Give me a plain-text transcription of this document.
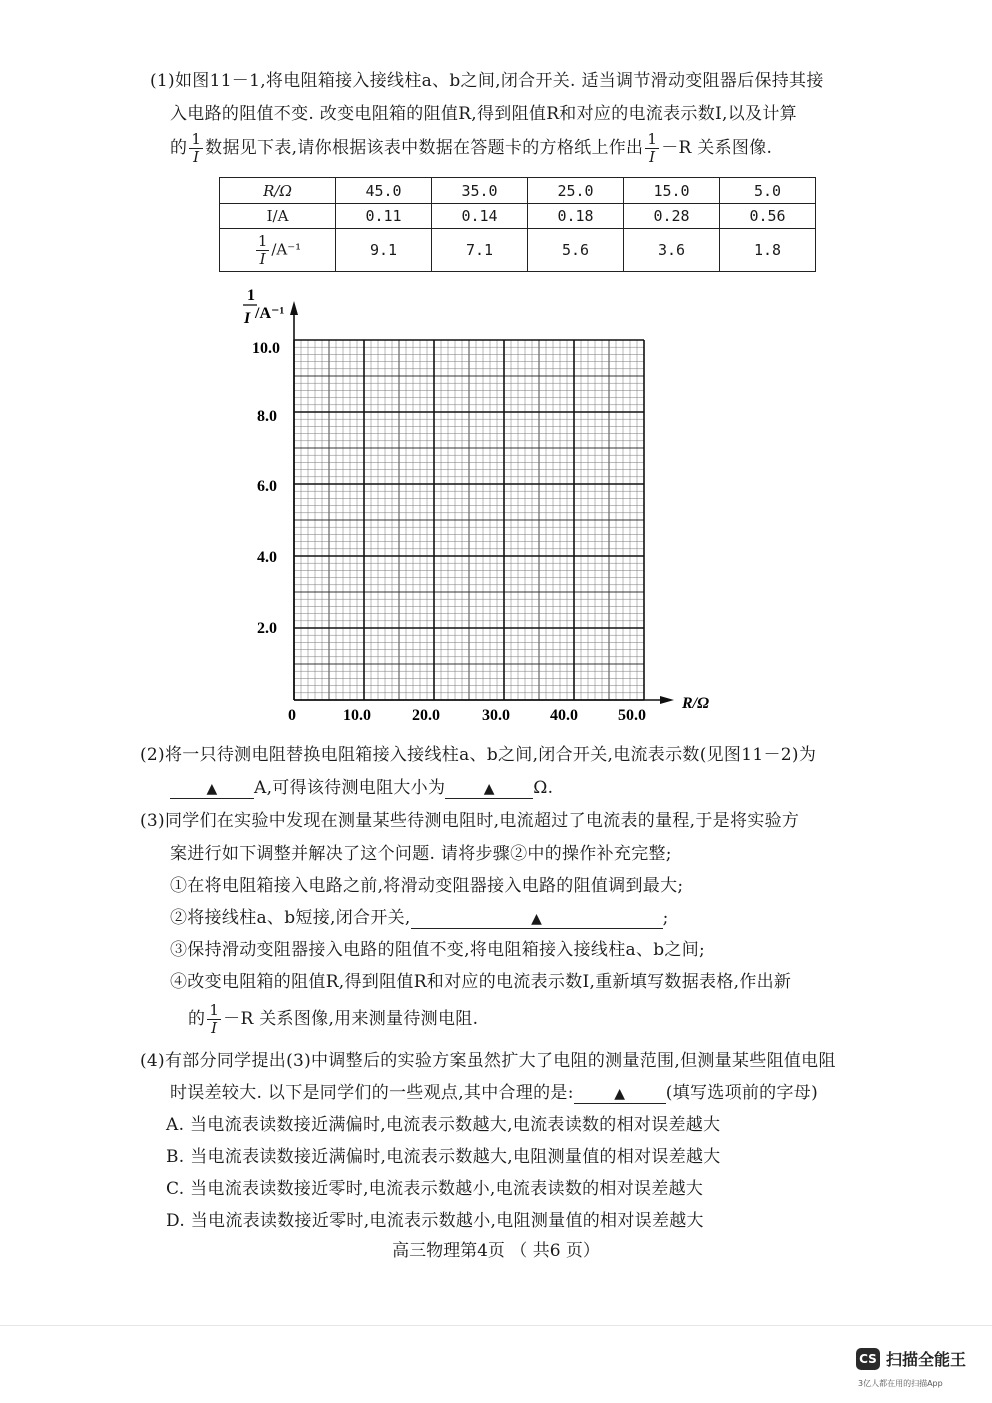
(1)如图11－1,将电阻箱接入接线柱a、b之间,闭合开关. 适当调节滑动变阻器后保持其接
入电路的阻值不变. 改变电阻箱的阻值R,得到阻值R和对应的电流表示数I,以及计算
的 $\frac{1}{I}$ 数据见下表,请你根据该表中数据在答题卡的方格纸上作出 $\frac{1}{I} -R$ 关系图像.
R/Ω	45.0	35.0	25.0	15.0	5.0
I/A	0.11	0.14	0.18	0.28	0.56

$\frac{1}{I} /A^{-1}$	9.1	7.1	5.6	3.6	1.8
1
I /A⁻¹
R/Ω
10.0
8.0
6.0
4.0
2.0
0	10.0	20.0	30.0	40.0	50.0
(2)将一只待测电阻替换电阻箱接入接线柱a、b之间,闭合开关,电流表示数(见图11－2)为
▲ A,可得该待测电阻大小为	▲ Ω.
(3)同学们在实验中发现在测量某些待测电阻时,电流超过了电流表的量程,于是将实验方
案进行如下调整并解决了这个问题. 请将步骤②中的操作补充完整;
①在将电阻箱接入电路之前,将滑动变阻器接入电路的阻值调到最大;
②将接线柱a、b短接,闭合开关,	▲	;
③保持滑动变阻器接入电路的阻值不变,将电阻箱接入接线柱a、b之间;
④改变电阻箱的阻值R,得到阻值R和对应的电流表示数I,重新填写数据表格,作出新
的 $\frac{1}{I} -R$ 关系图像,用来测量待测电阻.
(4)有部分同学提出(3)中调整后的实验方案虽然扩大了电阻的测量范围,但测量某些阻值电阻
时误差较大. 以下是同学们的一些观点,其中合理的是:	▲ (填写选项前的字母)
A. 当电流表读数接近满偏时,电流表示数越大,电流表读数的相对误差越大
B. 当电流表读数接近满偏时,电流表示数越大,电阻测量值的相对误差越大
C. 当电流表读数接近零时,电流表示数越小,电流表读数的相对误差越大
D. 当电流表读数接近零时,电流表示数越小,电阻测量值的相对误差越大
高三物理第4页 （ 共6 页）
CS 扫描全能王
3亿人都在用的扫描App
